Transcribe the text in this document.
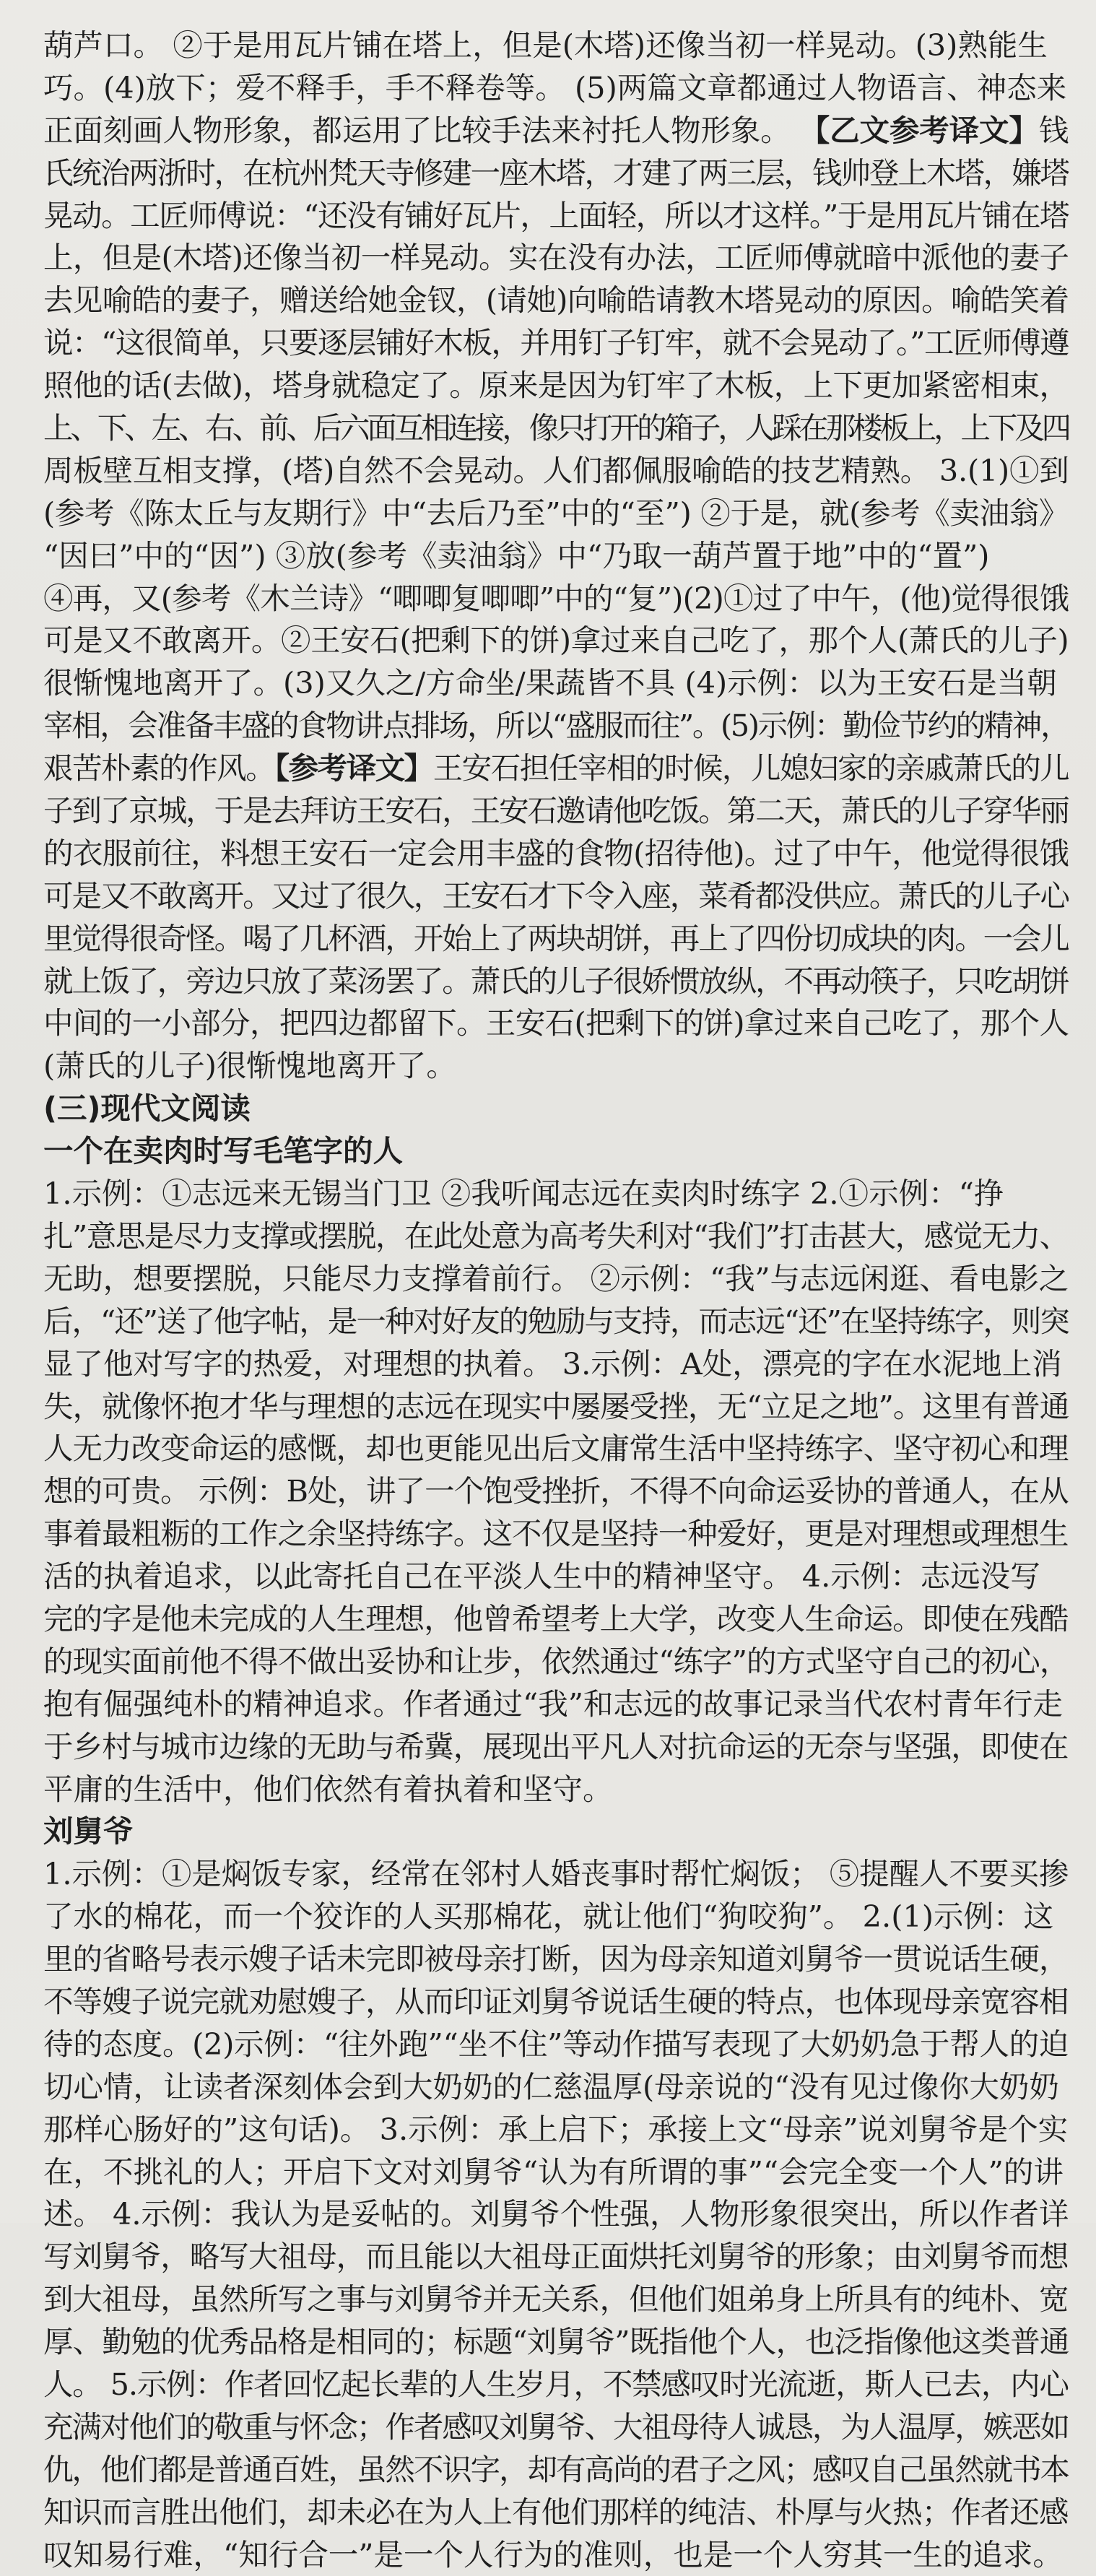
葫芦口。 ②于是用瓦片铺在塔上，但是(木塔)还像当初一样晃动。(3)熟能生
巧。(4)放下；爱不释手，手不释卷等。 (5)两篇文章都通过人物语言、神态来
正面刻画人物形象，都运用了比较手法来衬托人物形象。 【乙文参考译文】钱
氏统治两浙时，在杭州梵天寺修建一座木塔，才建了两三层，钱帅登上木塔，嫌塔
晃动。工匠师傅说：“还没有铺好瓦片，上面轻，所以才这样。”于是用瓦片铺在塔
上，但是(木塔)还像当初一样晃动。实在没有办法，工匠师傅就暗中派他的妻子
去见喻皓的妻子，赠送给她金钗，(请她)向喻皓请教木塔晃动的原因。喻皓笑着
说：“这很简单，只要逐层铺好木板，并用钉子钉牢，就不会晃动了。”工匠师傅遵
照他的话(去做)，塔身就稳定了。原来是因为钉牢了木板，上下更加紧密相束，
上、下、左、右、前、后六面互相连接，像只打开的箱子，人踩在那楼板上，上下及四
周板壁互相支撑，(塔)自然不会晃动。人们都佩服喻皓的技艺精熟。 3.(1)①到
(参考《陈太丘与友期行》中“去后乃至”中的“至”) ②于是，就(参考《卖油翁》
“因曰”中的“因”) ③放(参考《卖油翁》中“乃取一葫芦置于地”中的“置”)
④再，又(参考《木兰诗》“唧唧复唧唧”中的“复”)(2)①过了中午，(他)觉得很饿
可是又不敢离开。②王安石(把剩下的饼)拿过来自己吃了，那个人(萧氏的儿子)
很惭愧地离开了。(3)又久之/方命坐/果蔬皆不具 (4)示例：以为王安石是当朝
宰相，会准备丰盛的食物讲点排场，所以“盛服而往”。(5)示例：勤俭节约的精神，
艰苦朴素的作风。【参考译文】王安石担任宰相的时候，儿媳妇家的亲戚萧氏的儿
子到了京城，于是去拜访王安石，王安石邀请他吃饭。第二天，萧氏的儿子穿华丽
的衣服前往，料想王安石一定会用丰盛的食物(招待他)。过了中午，他觉得很饿
可是又不敢离开。又过了很久，王安石才下令入座，菜肴都没供应。萧氏的儿子心
里觉得很奇怪。喝了几杯酒，开始上了两块胡饼，再上了四份切成块的肉。一会儿
就上饭了，旁边只放了菜汤罢了。萧氏的儿子很娇惯放纵，不再动筷子，只吃胡饼
中间的一小部分，把四边都留下。王安石(把剩下的饼)拿过来自己吃了，那个人
(萧氏的儿子)很惭愧地离开了。
(三)现代文阅读
一个在卖肉时写毛笔字的人
1.示例：①志远来无锡当门卫 ②我听闻志远在卖肉时练字 2.①示例：“挣
扎”意思是尽力支撑或摆脱，在此处意为高考失利对“我们”打击甚大，感觉无力、
无助，想要摆脱，只能尽力支撑着前行。 ②示例：“我”与志远闲逛、看电影之
后，“还”送了他字帖，是一种对好友的勉励与支持，而志远“还”在坚持练字，则突
显了他对写字的热爱，对理想的执着。 3.示例：A处，漂亮的字在水泥地上消
失，就像怀抱才华与理想的志远在现实中屡屡受挫，无“立足之地”。这里有普通
人无力改变命运的感慨，却也更能见出后文庸常生活中坚持练字、坚守初心和理
想的可贵。 示例：B处，讲了一个饱受挫折，不得不向命运妥协的普通人，在从
事着最粗粝的工作之余坚持练字。这不仅是坚持一种爱好，更是对理想或理想生
活的执着追求，以此寄托自己在平淡人生中的精神坚守。 4.示例：志远没写
完的字是他未完成的人生理想，他曾希望考上大学，改变人生命运。即使在残酷
的现实面前他不得不做出妥协和让步，依然通过“练字”的方式坚守自己的初心，
抱有倔强纯朴的精神追求。作者通过“我”和志远的故事记录当代农村青年行走
于乡村与城市边缘的无助与希冀，展现出平凡人对抗命运的无奈与坚强，即使在
平庸的生活中，他们依然有着执着和坚守。
刘舅爷
1.示例：①是焖饭专家，经常在邻村人婚丧事时帮忙焖饭； ⑤提醒人不要买掺
了水的棉花，而一个狡诈的人买那棉花，就让他们“狗咬狗”。 2.(1)示例：这
里的省略号表示嫂子话未完即被母亲打断，因为母亲知道刘舅爷一贯说话生硬，
不等嫂子说完就劝慰嫂子，从而印证刘舅爷说话生硬的特点，也体现母亲宽容相
待的态度。(2)示例：“往外跑”“坐不住”等动作描写表现了大奶奶急于帮人的迫
切心情，让读者深刻体会到大奶奶的仁慈温厚(母亲说的“没有见过像你大奶奶
那样心肠好的”这句话)。 3.示例：承上启下；承接上文“母亲”说刘舅爷是个实
在，不挑礼的人；开启下文对刘舅爷“认为有所谓的事”“会完全变一个人”的讲
述。 4.示例：我认为是妥帖的。刘舅爷个性强，人物形象很突出，所以作者详
写刘舅爷，略写大祖母，而且能以大祖母正面烘托刘舅爷的形象；由刘舅爷而想
到大祖母，虽然所写之事与刘舅爷并无关系，但他们姐弟身上所具有的纯朴、宽
厚、勤勉的优秀品格是相同的；标题“刘舅爷”既指他个人，也泛指像他这类普通
人。 5.示例：作者回忆起长辈的人生岁月，不禁感叹时光流逝，斯人已去，内心
充满对他们的敬重与怀念；作者感叹刘舅爷、大祖母待人诚恳，为人温厚，嫉恶如
仇，他们都是普通百姓，虽然不识字，却有高尚的君子之风；感叹自己虽然就书本
知识而言胜出他们，却未必在为人上有他们那样的纯洁、朴厚与火热；作者还感
叹知易行难，“知行合一”是一个人行为的准则，也是一个人穷其一生的追求。
